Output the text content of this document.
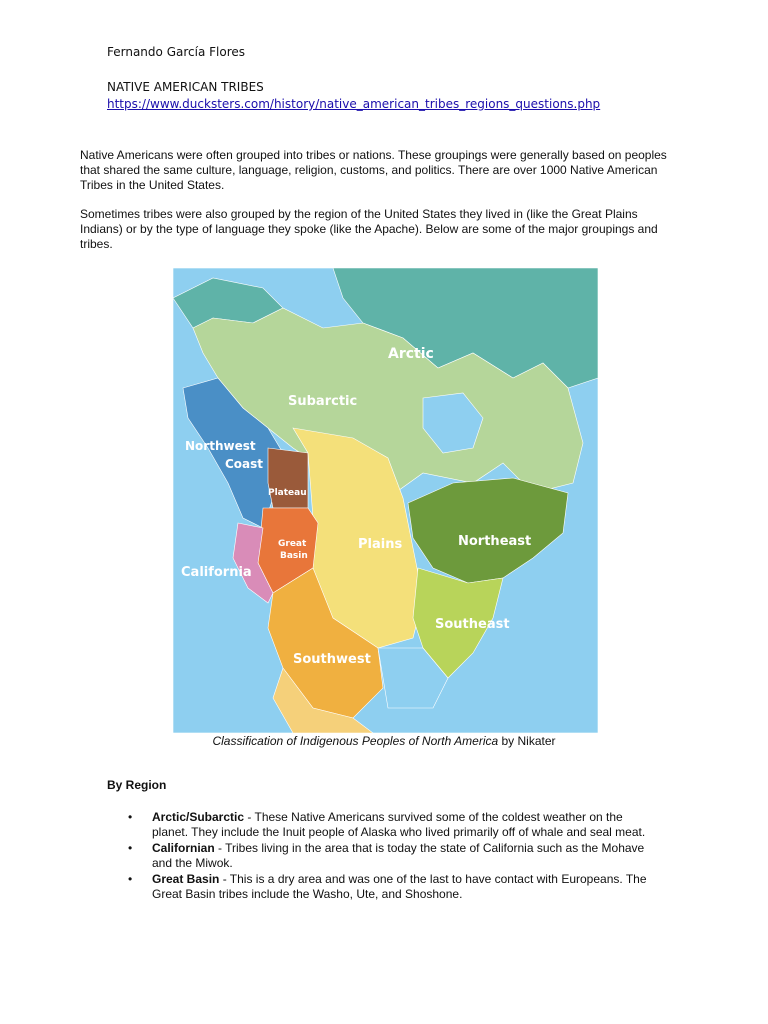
Fernando García Flores
NATIVE AMERICAN TRIBES
https://www.ducksters.com/history/native_american_tribes_regions_questions.php

Native Americans were often grouped into tribes or nations. These groupings were generally based on peoples that shared the same culture, language, religion, customs, and politics. There are over 1000 Native American Tribes in the United States.

Sometimes tribes were also grouped by the region of the United States they lived in (like the Great Plains Indians) or by the type of language they spoke (like the Apache). Below are some of the major groupings and tribes.

Arctic
Subarctic
Northwest
Coast
Plateau
Great
Basin
Plains	Northeast
California
Southeast
Southwest
Classification of Indigenous Peoples of North America by Nikater
By Region
• Arctic/Subarctic - These Native Americans survived some of the coldest weather on the planet. They include the Inuit people of Alaska who lived primarily off of whale and seal meat.
• Californian - Tribes living in the area that is today the state of California such as the Mohave and the Miwok.
• Great Basin - This is a dry area and was one of the last to have contact with Europeans. The Great Basin tribes include the Washo, Ute, and Shoshone.
